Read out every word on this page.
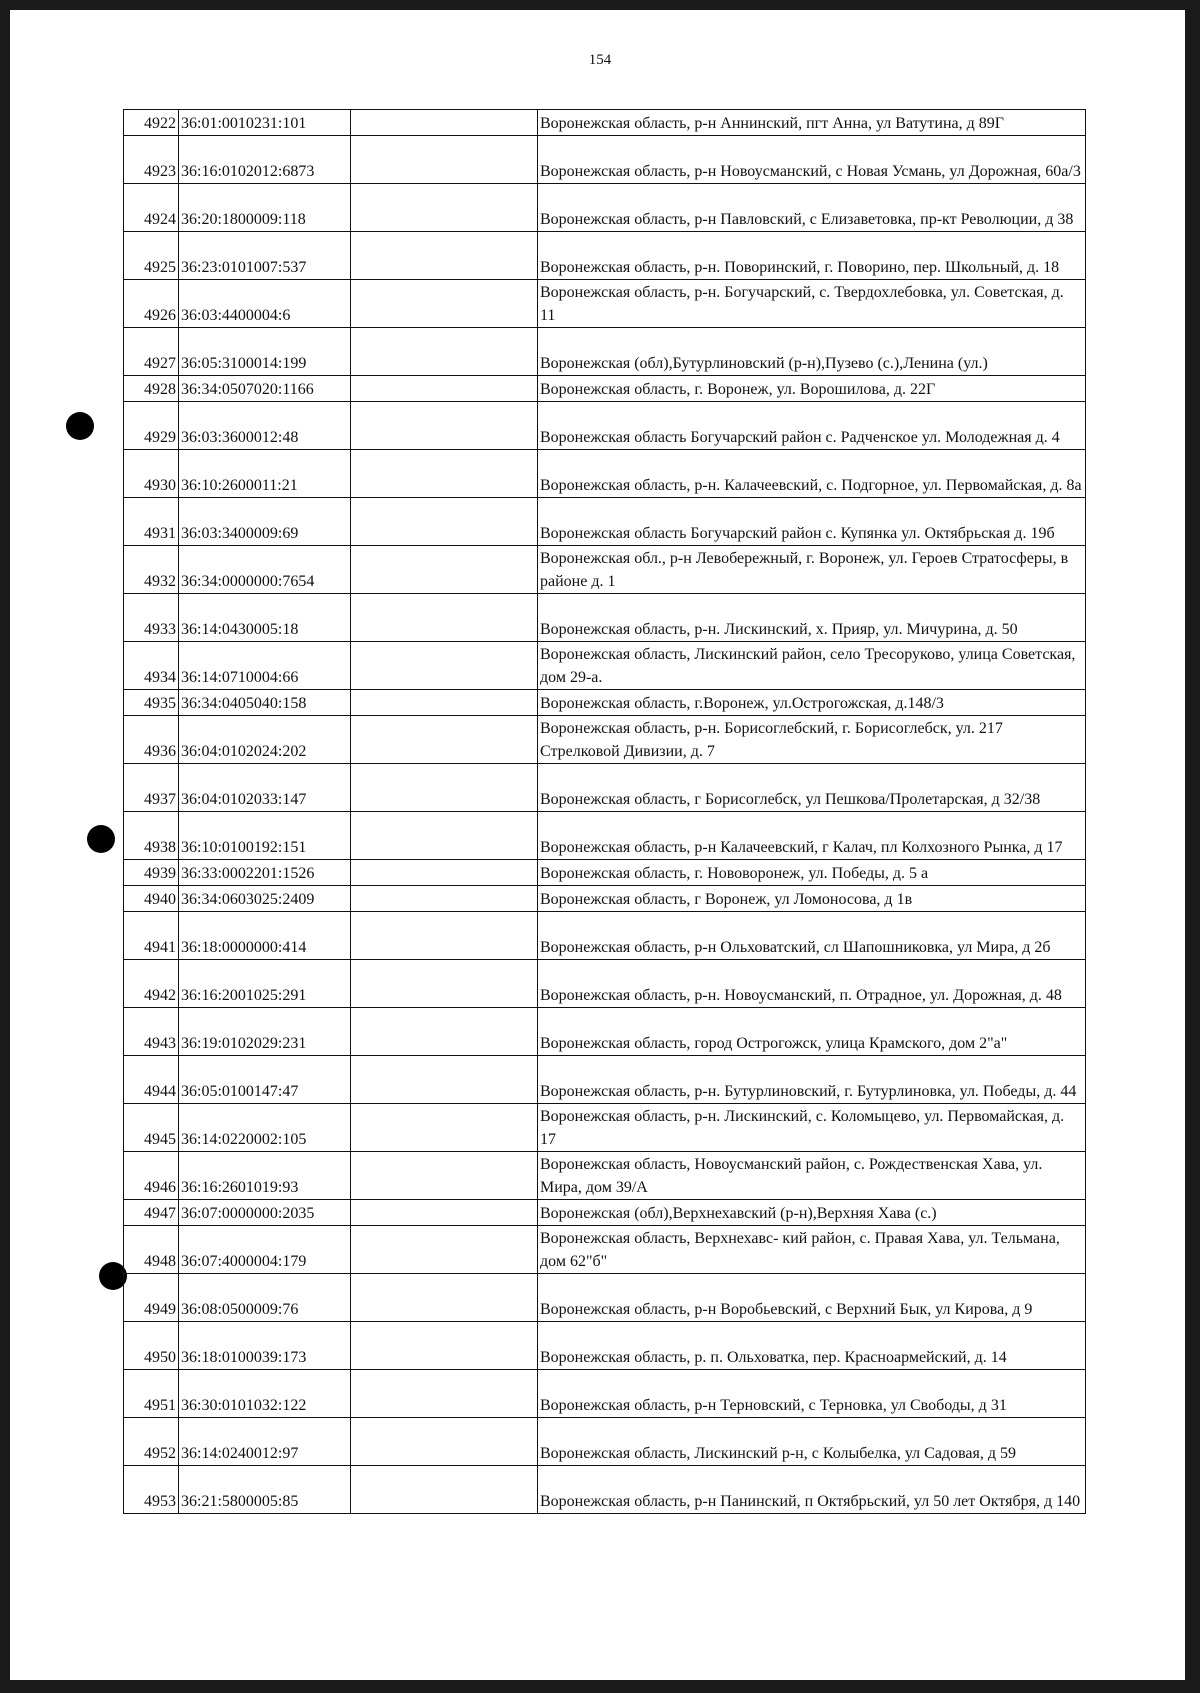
154
4922	36:01:0010231:101		Воронежская область, р-н Аннинский, пгт Анна, ул Ватутина, д 89Г
4923	36:16:0102012:6873		Воронежская область, р-н Новоусманский, с Новая Усмань, ул Дорожная, 60а/3
4924	36:20:1800009:118		Воронежская область, р-н Павловский, с Елизаветовка, пр-кт Революции, д 38
4925	36:23:0101007:537		Воронежская область, р-н. Поворинский, г. Поворино, пер. Школьный, д. 18
4926	36:03:4400004:6		Воронежская область, р-н. Богучарский, с. Твердохлебовка, ул. Советская, д. 11
4927	36:05:3100014:199		Воронежская (обл),Бутурлиновский (р-н),Пузево (с.),Ленина (ул.)
4928	36:34:0507020:1166		Воронежская область, г. Воронеж, ул. Ворошилова, д. 22Г
4929	36:03:3600012:48		Воронежская область Богучарский район с. Радченское ул. Молодежная д. 4
4930	36:10:2600011:21		Воронежская область, р-н. Калачеевский, с. Подгорное, ул. Первомайская, д. 8а
4931	36:03:3400009:69		Воронежская область Богучарский район с. Купянка ул. Октябрьская д. 19б
4932	36:34:0000000:7654		Воронежская обл., р-н Левобережный, г. Воронеж, ул. Героев Стратосферы, в районе д. 1
4933	36:14:0430005:18		Воронежская область, р-н. Лискинский, х. Прияр, ул. Мичурина, д. 50
4934	36:14:0710004:66		Воронежская область, Лискинский район, село Тресоруково, улица Советская, дом 29-а.
4935	36:34:0405040:158		Воронежская область, г.Воронеж, ул.Острогожская, д.148/3
4936	36:04:0102024:202		Воронежская область, р-н. Борисоглебский, г. Борисоглебск, ул. 217 Стрелковой Дивизии, д. 7
4937	36:04:0102033:147		Воронежская область, г Борисоглебск, ул Пешкова/Пролетарская, д 32/38
4938	36:10:0100192:151		Воронежская область, р-н Калачеевский, г Калач, пл Колхозного Рынка, д 17
4939	36:33:0002201:1526		Воронежская область, г. Нововоронеж, ул. Победы, д. 5 а
4940	36:34:0603025:2409		Воронежская область, г Воронеж, ул Ломоносова, д 1в
4941	36:18:0000000:414		Воронежская область, р-н Ольховатский, сл Шапошниковка, ул Мира, д 2б
4942	36:16:2001025:291		Воронежская область, р-н. Новоусманский, п. Отрадное, ул. Дорожная, д. 48
4943	36:19:0102029:231		Воронежская область, город Острогожск, улица Крамского, дом 2"а"
4944	36:05:0100147:47		Воронежская область, р-н. Бутурлиновский, г. Бутурлиновка, ул. Победы, д. 44
4945	36:14:0220002:105		Воронежская область, р-н. Лискинский, с. Коломыцево, ул. Первомайская, д. 17
4946	36:16:2601019:93		Воронежская область, Новоусманский район, с. Рождественская Хава, ул. Мира, дом 39/А
4947	36:07:0000000:2035		Воронежская (обл),Верхнехавский (р-н),Верхняя Хава (с.)
4948	36:07:4000004:179		Воронежская область, Верхнехавс- кий район, с. Правая Хава, ул. Тельмана, дом 62"б"
4949	36:08:0500009:76		Воронежская область, р-н Воробьевский, с Верхний Бык, ул Кирова, д 9
4950	36:18:0100039:173		Воронежская область, р. п. Ольховатка, пер. Красноармейский, д. 14
4951	36:30:0101032:122		Воронежская область, р-н Терновский, с Терновка, ул Свободы, д 31
4952	36:14:0240012:97		Воронежская область, Лискинский р-н, с Колыбелка, ул Садовая, д 59
4953	36:21:5800005:85		Воронежская область, р-н Панинский, п Октябрьский, ул 50 лет Октября, д 140
